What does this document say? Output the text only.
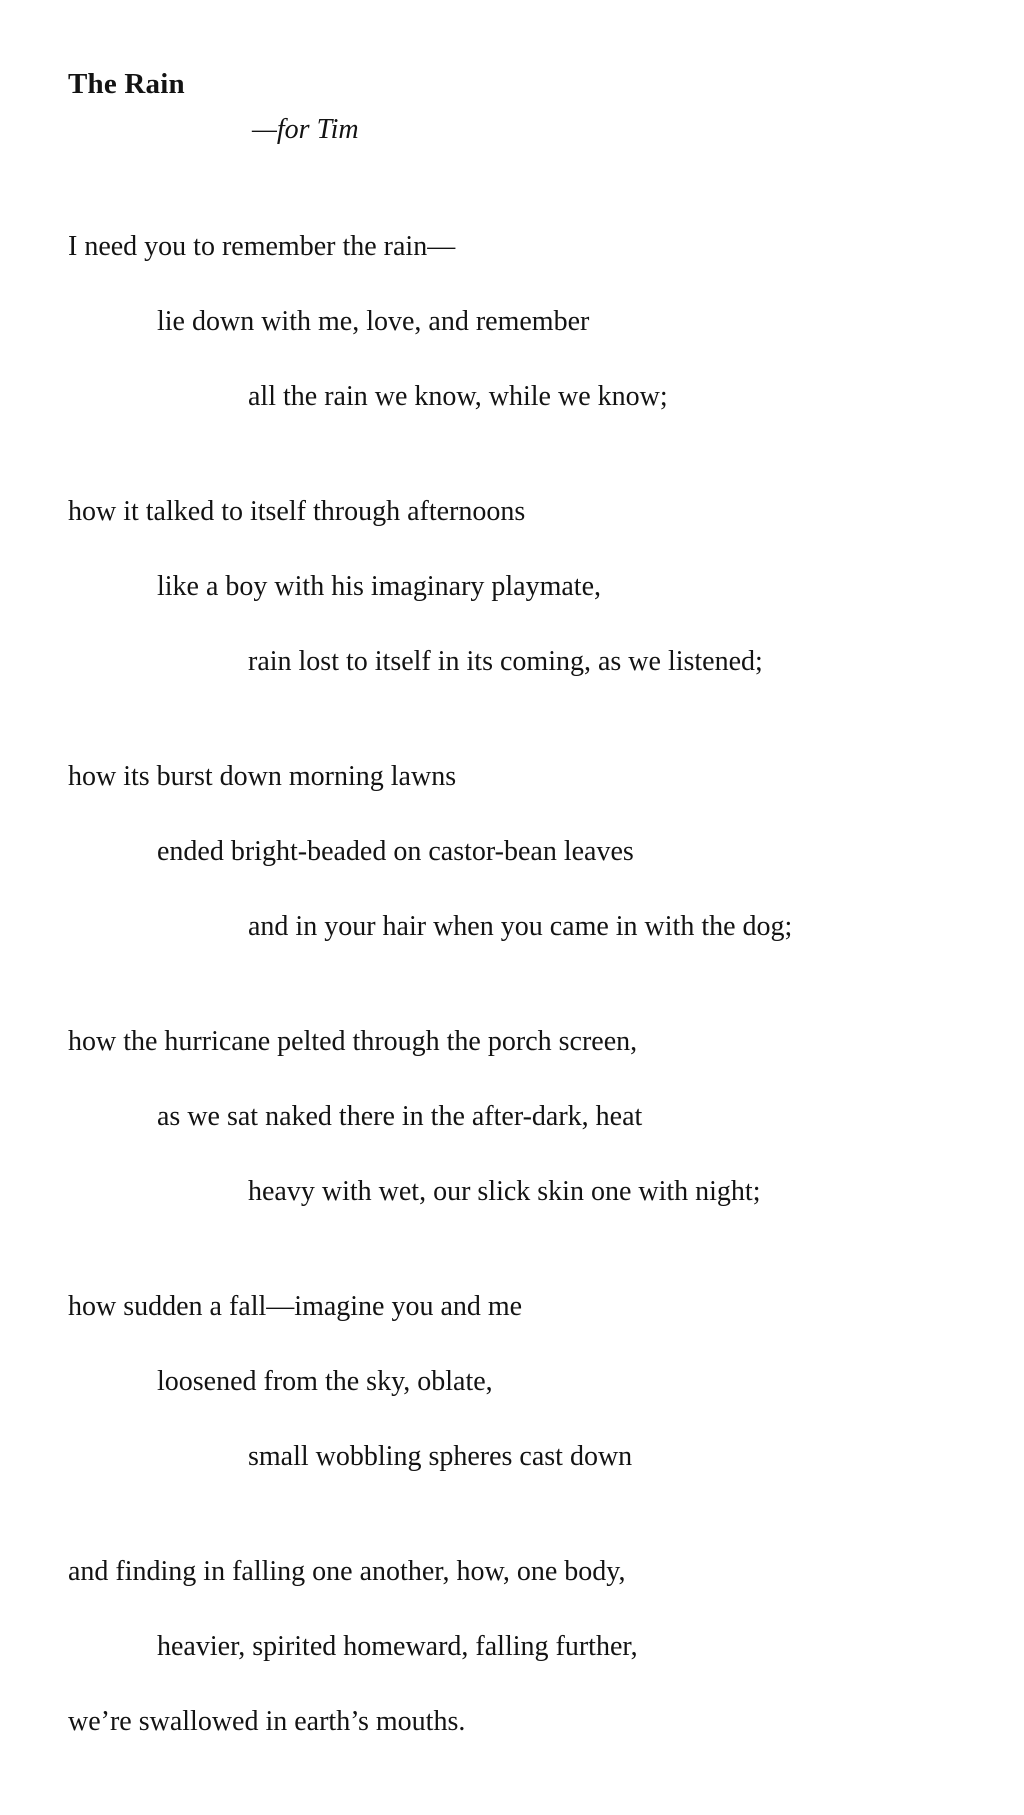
The Rain

—for Tim

I need you to remember the rain—
lie down with me, love, and remember
all the rain we know, while we know;
how it talked to itself through afternoons
like a boy with his imaginary playmate,
rain lost to itself in its coming, as we listened;
how its burst down morning lawns
ended bright-beaded on castor-bean leaves
and in your hair when you came in with the dog;
how the hurricane pelted through the porch screen,
as we sat naked there in the after-dark, heat
heavy with wet, our slick skin one with night;
how sudden a fall—imagine you and me
loosened from the sky, oblate,
small wobbling spheres cast down
and finding in falling one another, how, one body,
heavier, spirited homeward, falling further,
we’re swallowed in earth’s mouths.
